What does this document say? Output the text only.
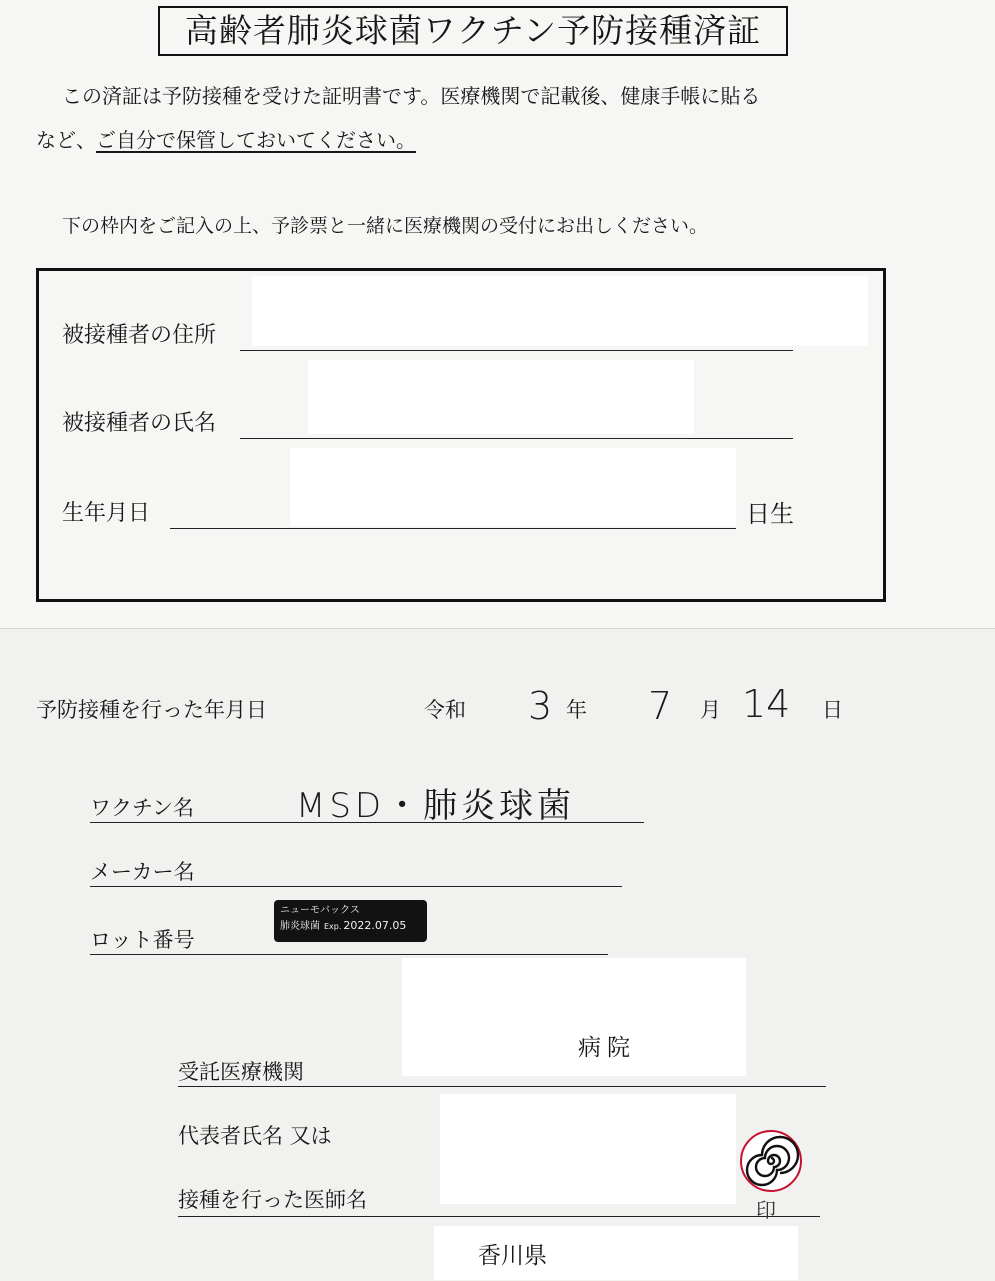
高齢者肺炎球菌ワクチン予防接種済証
この済証は予防接種を受けた証明書です。医療機関で記載後、健康手帳に貼る
など、ご自分で保管しておいてください。
下の枠内をご記入の上、予診票と一緒に医療機関の受付にお出しください。
被接種者の住所
被接種者の氏名
生年月日	日生

予防接種を行った年月日	令和 3 年 7 月 14 日
ワクチン名	MSD・肺炎球菌
メーカー名
ロット番号
ニューモバックス
肺炎球菌 Exp. 2022.07.05
病院
受託医療機関
代表者氏名 又は
接種を行った医師名	印
香川県
